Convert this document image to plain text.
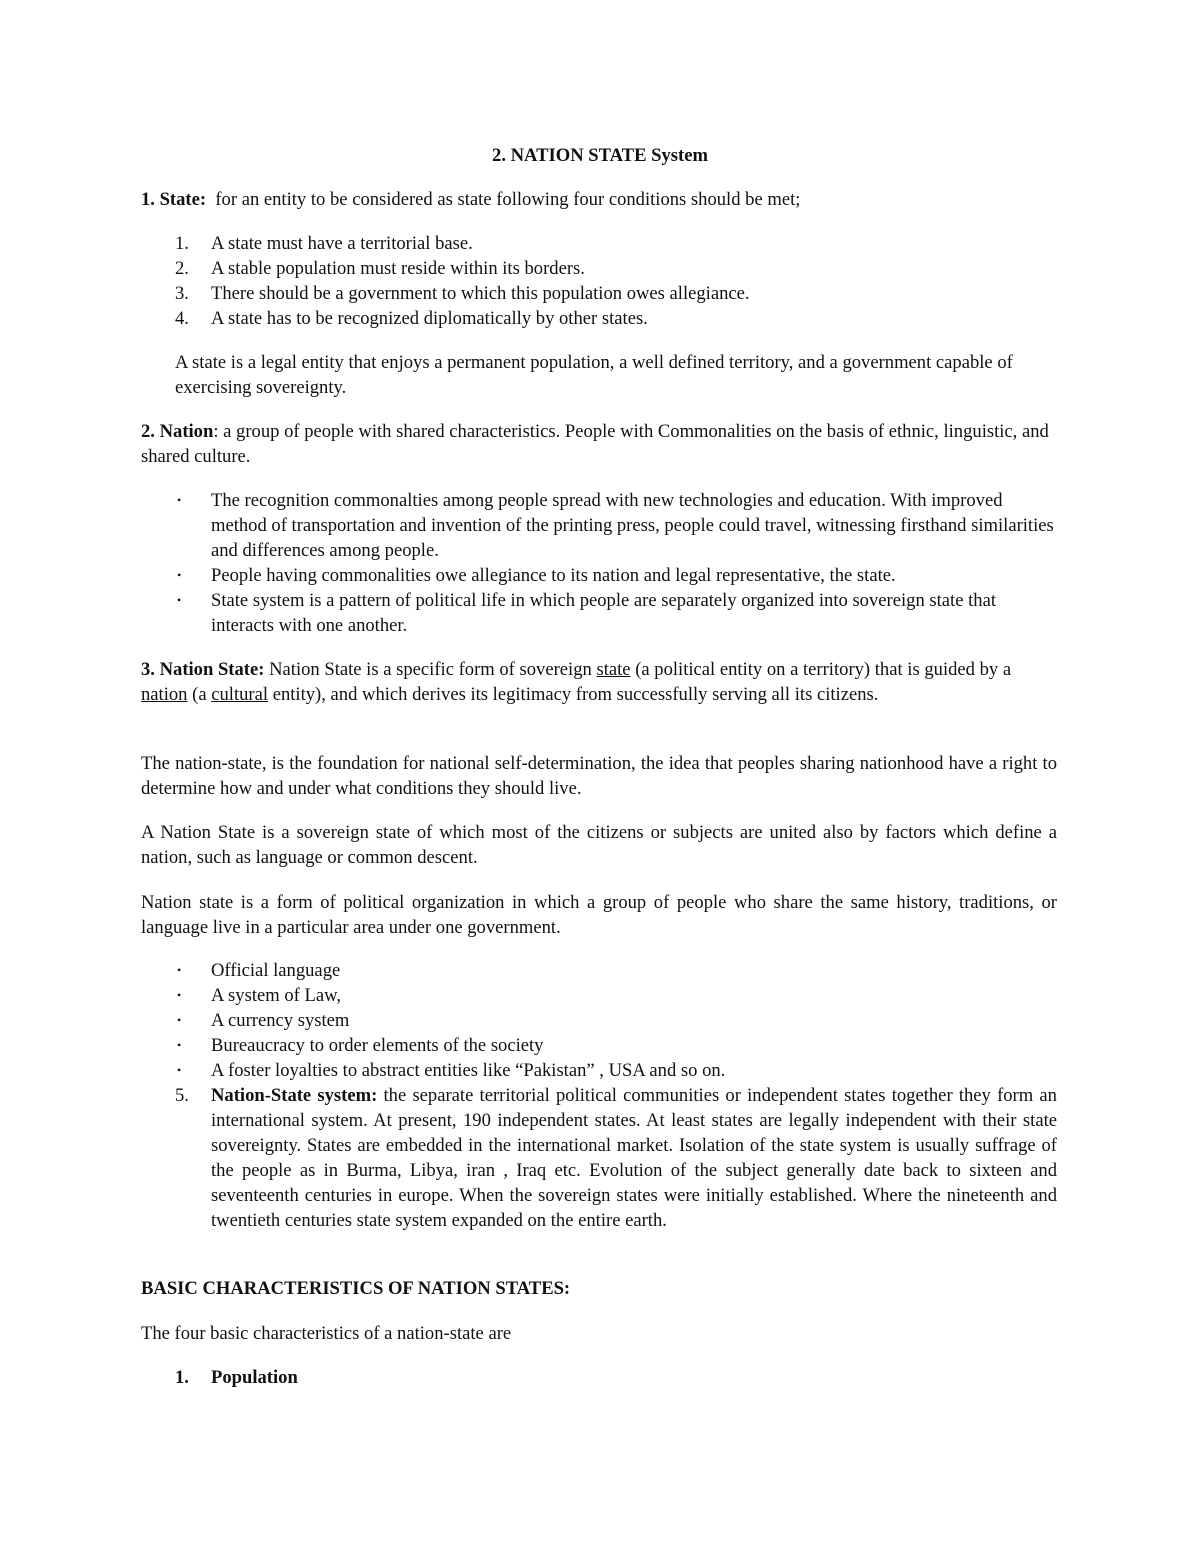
2. NATION STATE System
1. State: for an entity to be considered as state following four conditions should be met;
1. A state must have a territorial base.
2. A stable population must reside within its borders.
3. There should be a government to which this population owes allegiance.
4. A state has to be recognized diplomatically by other states.
A state is a legal entity that enjoys a permanent population, a well defined territory, and a government capable of exercising sovereignty.
2. Nation: a group of people with shared characteristics. People with Commonalities on the basis of ethnic, linguistic, and shared culture.
• The recognition commonalties among people spread with new technologies and education. With improved method of transportation and invention of the printing press, people could travel, witnessing firsthand similarities and differences among people.
• People having commonalities owe allegiance to its nation and legal representative, the state.
• State system is a pattern of political life in which people are separately organized into sovereign state that interacts with one another.
3. Nation State: Nation State is a specific form of sovereign state (a political entity on a territory) that is guided by a nation (a cultural entity), and which derives its legitimacy from successfully serving all its citizens.
The nation-state, is the foundation for national self-determination, the idea that peoples sharing nationhood have a right to determine how and under what conditions they should live.
A Nation State is a sovereign state of which most of the citizens or subjects are united also by factors which define a nation, such as language or common descent.
Nation state is a form of political organization in which a group of people who share the same history, traditions, or language live in a particular area under one government.
• Official language
• A system of Law,
• A currency system
• Bureaucracy to order elements of the society
• A foster loyalties to abstract entities like “Pakistan” , USA and so on.
5. Nation-State system: the separate territorial political communities or independent states together they form an international system. At present, 190 independent states. At least states are legally independent with their state sovereignty. States are embedded in the international market. Isolation of the state system is usually suffrage of the people as in Burma, Libya, iran , Iraq etc. Evolution of the subject generally date back to sixteen and seventeenth centuries in europe. When the sovereign states were initially established. Where the nineteenth and twentieth centuries state system expanded on the entire earth.
BASIC CHARACTERISTICS OF NATION STATES:
The four basic characteristics of a nation-state are
1. Population
